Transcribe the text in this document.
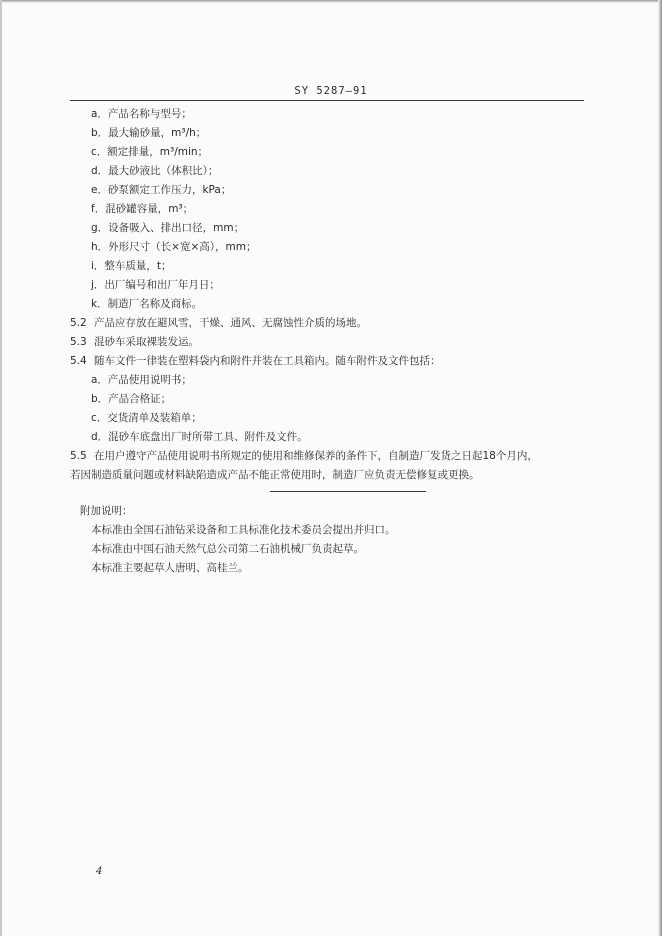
SY 5287—91
a．产品名称与型号；
b．最大输砂量，m³/h；
c．额定排量，m³/min；
d．最大砂液比（体积比）；
e．砂泵额定工作压力，kPa；
f．混砂罐容量，m³；
g．设备吸入、排出口径，mm；
h．外形尺寸（长×宽×高），mm；
i．整车质量，t；
j．出厂编号和出厂年月日；
k．制造厂名称及商标。
5.2 产品应存放在避风雪，干燥、通风、无腐蚀性介质的场地。
5.3 混砂车采取裸装发运。
5.4 随车文件一律装在塑料袋内和附件并装在工具箱内。随车附件及文件包括：
a．产品使用说明书；
b．产品合格证；
c．交货清单及装箱单；
d．混砂车底盘出厂时所带工具、附件及文件。
5.5 在用户遵守产品使用说明书所规定的使用和维修保养的条件下，自制造厂发货之日起18个月内，
若因制造质量问题或材料缺陷造成产品不能正常使用时，制造厂应负责无偿修复或更换。
附加说明：
本标准由全国石油钻采设备和工具标准化技术委员会提出并归口。
本标准由中国石油天然气总公司第二石油机械厂负责起草。
本标准主要起草人唐明、高桂兰。
4
